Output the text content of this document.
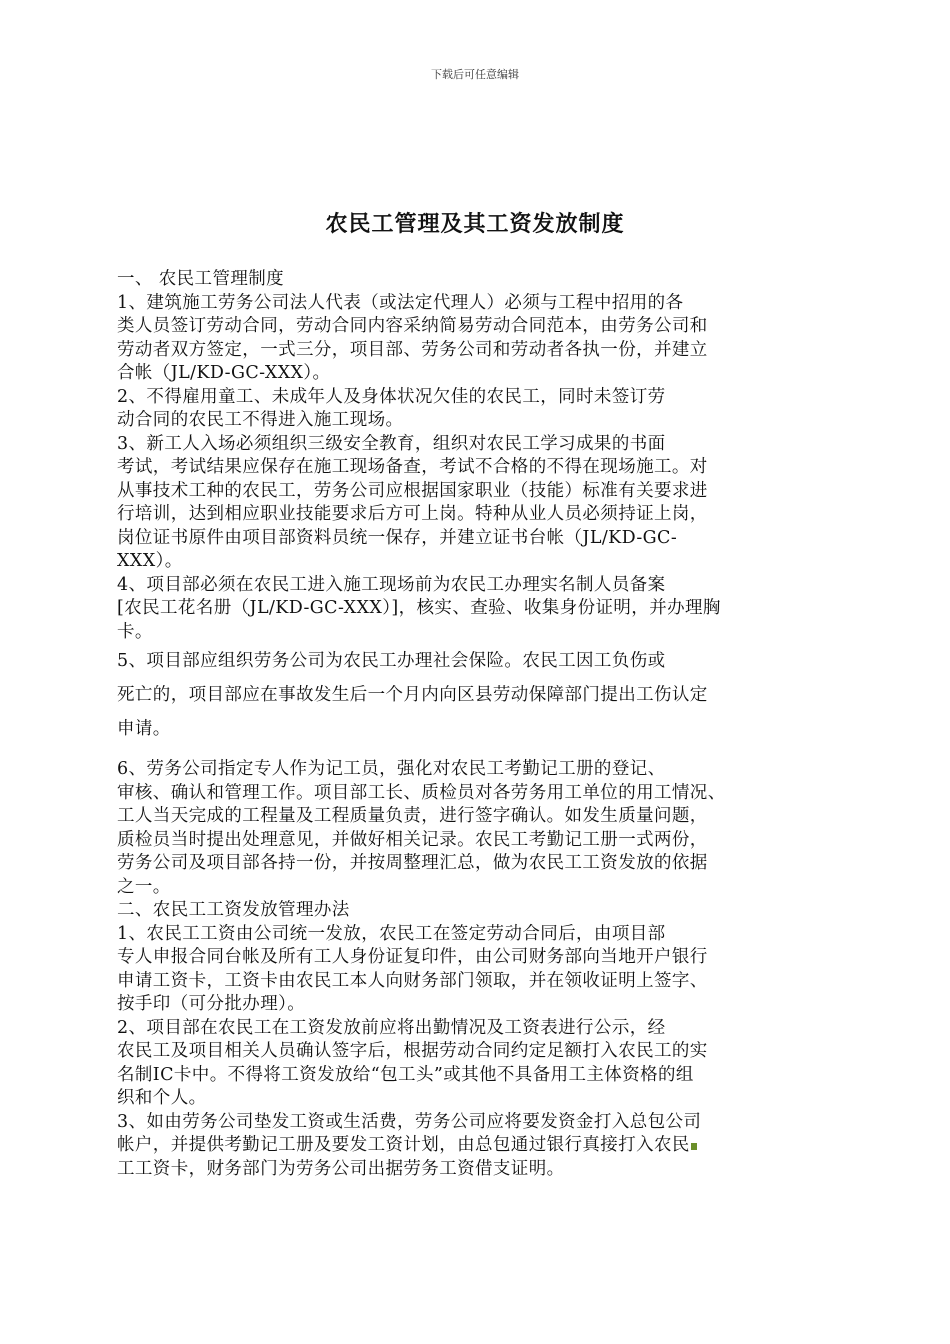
下载后可任意编辑
农民工管理及其工资发放制度

一、 农民工管理制度

1、建筑施工劳务公司法人代表（或法定代理人）必须与工程中招用的各

类人员签订劳动合同，劳动合同内容采纳简易劳动合同范本，由劳务公司和

劳动者双方签定，一式三分，项目部、劳务公司和劳动者各执一份，并建立

合帐（JL/KD-GC-XXX）。

2、不得雇用童工、未成年人及身体状况欠佳的农民工，同时未签订劳

动合同的农民工不得进入施工现场。

3、新工人入场必须组织三级安全教育，组织对农民工学习成果的书面

考试，考试结果应保存在施工现场备查，考试不合格的不得在现场施工。对

从事技术工种的农民工，劳务公司应根据国家职业（技能）标准有关要求进

行培训，达到相应职业技能要求后方可上岗。特种从业人员必须持证上岗，

岗位证书原件由项目部资料员统一保存，并建立证书台帐（JL/KD-GC-

XXX）。

4、项目部必须在农民工进入施工现场前为农民工办理实名制人员备案

[农民工花名册（JL/KD-GC-XXX）]，核实、查验、收集身份证明，并办理胸

卡。

5、项目部应组织劳务公司为农民工办理社会保险。农民工因工负伤或

死亡的，项目部应在事故发生后一个月内向区县劳动保障部门提出工伤认定

申请。

6、劳务公司指定专人作为记工员，强化对农民工考勤记工册的登记、

审核、确认和管理工作。项目部工长、质检员对各劳务用工单位的用工情况、

工人当天完成的工程量及工程质量负责，进行签字确认。如发生质量问题，

质检员当时提出处理意见，并做好相关记录。农民工考勤记工册一式两份，

劳务公司及项目部各持一份，并按周整理汇总，做为农民工工资发放的依据

之一。

二、农民工工资发放管理办法

1、农民工工资由公司统一发放，农民工在签定劳动合同后，由项目部

专人申报合同台帐及所有工人身份证复印件，由公司财务部向当地开户银行

申请工资卡，工资卡由农民工本人向财务部门领取，并在领收证明上签字、

按手印（可分批办理）。

2、项目部在农民工在工资发放前应将出勤情况及工资表进行公示，经

农民工及项目相关人员确认签字后，根据劳动合同约定足额打入农民工的实

名制IC卡中。不得将工资发放给“包工头”或其他不具备用工主体资格的组

织和个人。

3、如由劳务公司垫发工资或生活费，劳务公司应将要发资金打入总包公司

帐户，并提供考勤记工册及要发工资计划，由总包通过银行真接打入农民

工工资卡，财务部门为劳务公司出据劳务工资借支证明。
